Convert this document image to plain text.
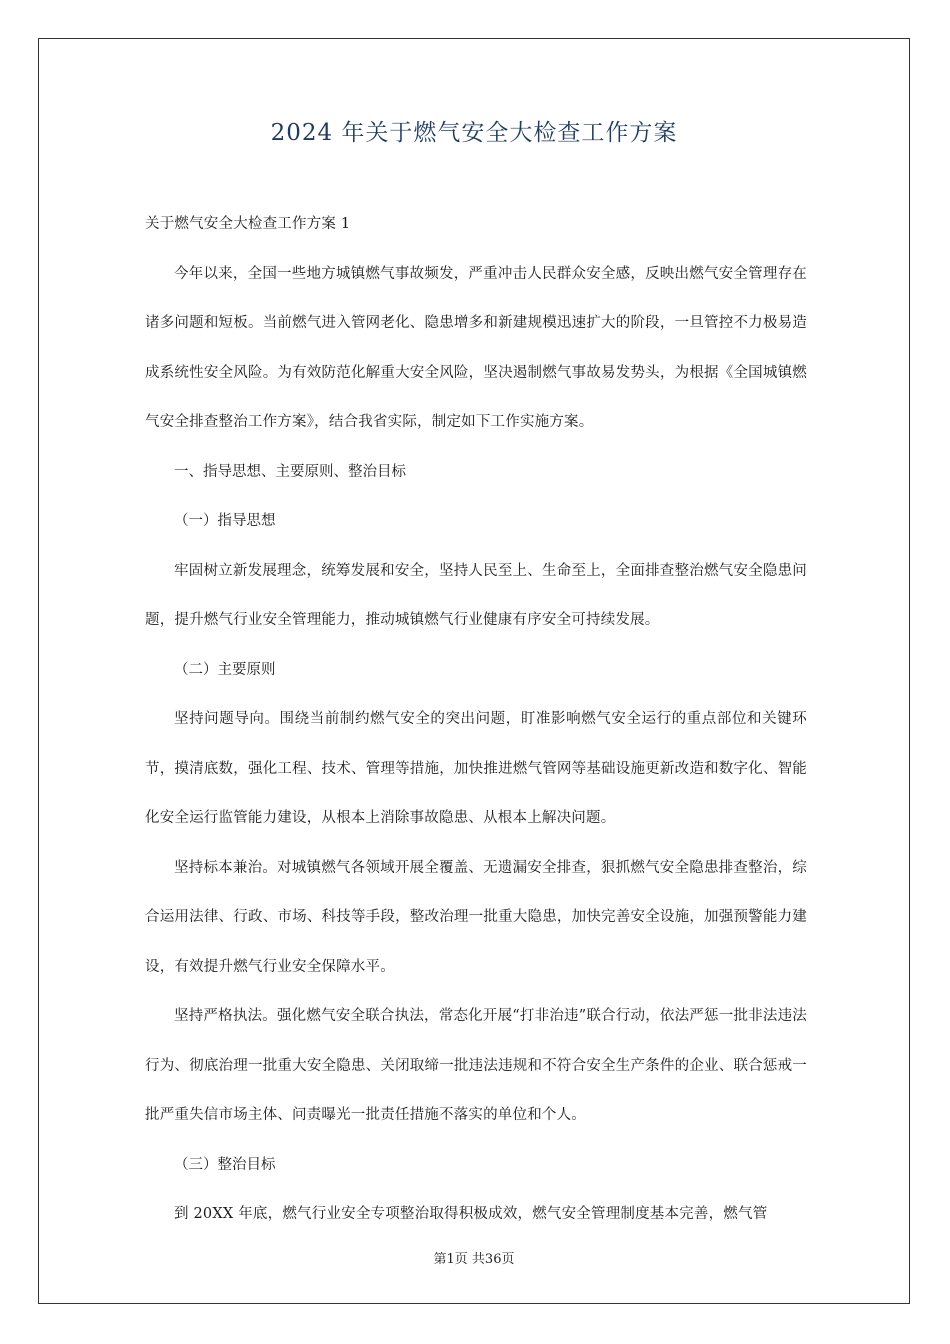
2024 年关于燃气安全大检查工作方案

关于燃气安全大检查工作方案 1

今年以来，全国一些地方城镇燃气事故频发，严重冲击人民群众安全感，反映出燃气安全管理存在诸多问题和短板。当前燃气进入管网老化、隐患增多和新建规模迅速扩大的阶段，一旦管控不力极易造成系统性安全风险。为有效防范化解重大安全风险，坚决遏制燃气事故易发势头，为根据《全国城镇燃气安全排查整治工作方案》，结合我省实际，制定如下工作实施方案。

一、指导思想、主要原则、整治目标

（一）指导思想

牢固树立新发展理念，统筹发展和安全，坚持人民至上、生命至上，全面排查整治燃气安全隐患问题，提升燃气行业安全管理能力，推动城镇燃气行业健康有序安全可持续发展。

（二）主要原则

坚持问题导向。围绕当前制约燃气安全的突出问题，盯准影响燃气安全运行的重点部位和关键环节，摸清底数，强化工程、技术、管理等措施，加快推进燃气管网等基础设施更新改造和数字化、智能化安全运行监管能力建设，从根本上消除事故隐患、从根本上解决问题。

坚持标本兼治。对城镇燃气各领域开展全覆盖、无遗漏安全排查，狠抓燃气安全隐患排查整治，综合运用法律、行政、市场、科技等手段，整改治理一批重大隐患，加快完善安全设施，加强预警能力建设，有效提升燃气行业安全保障水平。

坚持严格执法。强化燃气安全联合执法，常态化开展“打非治违”联合行动，依法严惩一批非法违法行为、彻底治理一批重大安全隐患、关闭取缔一批违法违规和不符合安全生产条件的企业、联合惩戒一批严重失信市场主体、问责曝光一批责任措施不落实的单位和个人。

（三）整治目标

到 20XX 年底，燃气行业安全专项整治取得积极成效，燃气安全管理制度基本完善，燃气管

第1页 共36页
